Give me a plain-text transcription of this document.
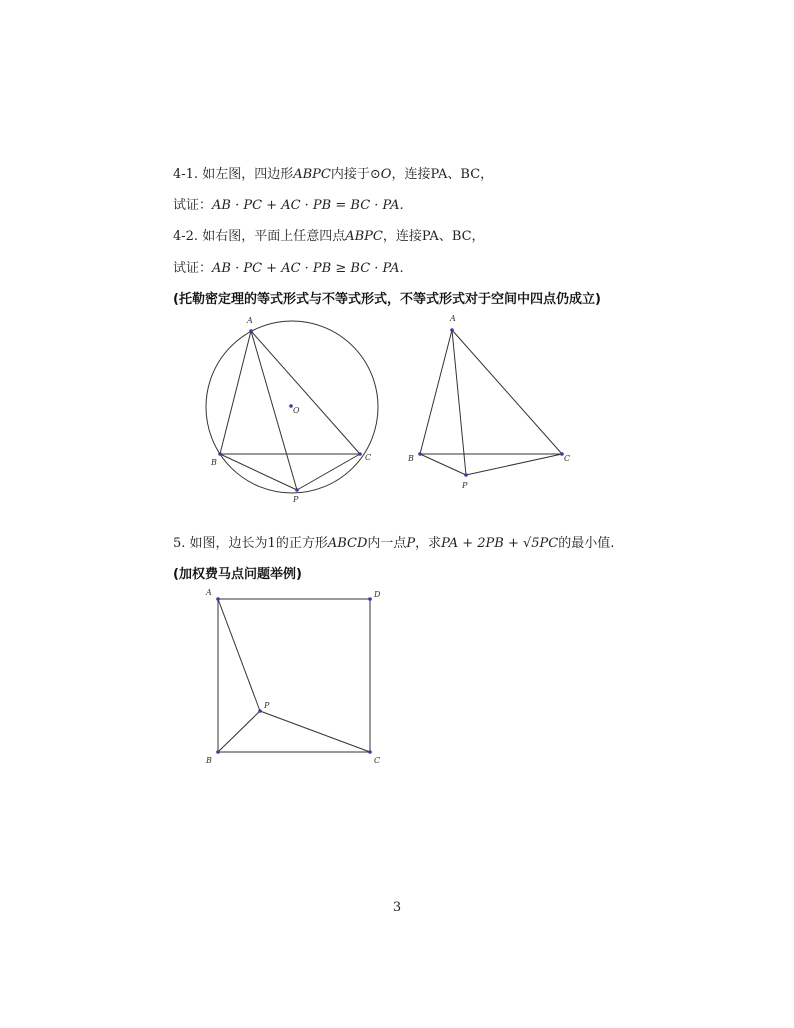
4-1. 如左图，四边形ABPC内接于⊙O，连接PA、BC，
试证：AB · PC + AC · PB = BC · PA.
4-2. 如右图，平面上任意四点ABPC，连接PA、BC，
试证：AB · PC + AC · PB ≥ BC · PA.
(托勒密定理的等式形式与不等式形式，不等式形式对于空间中四点仍成立)
A
B
C
P
O
A
B	C
P
5. 如图，边长为1的正方形ABCD内一点P，求PA + 2PB + √5PC的最小值.
(加权费马点问题举例)
A
B	C
D
P
3
